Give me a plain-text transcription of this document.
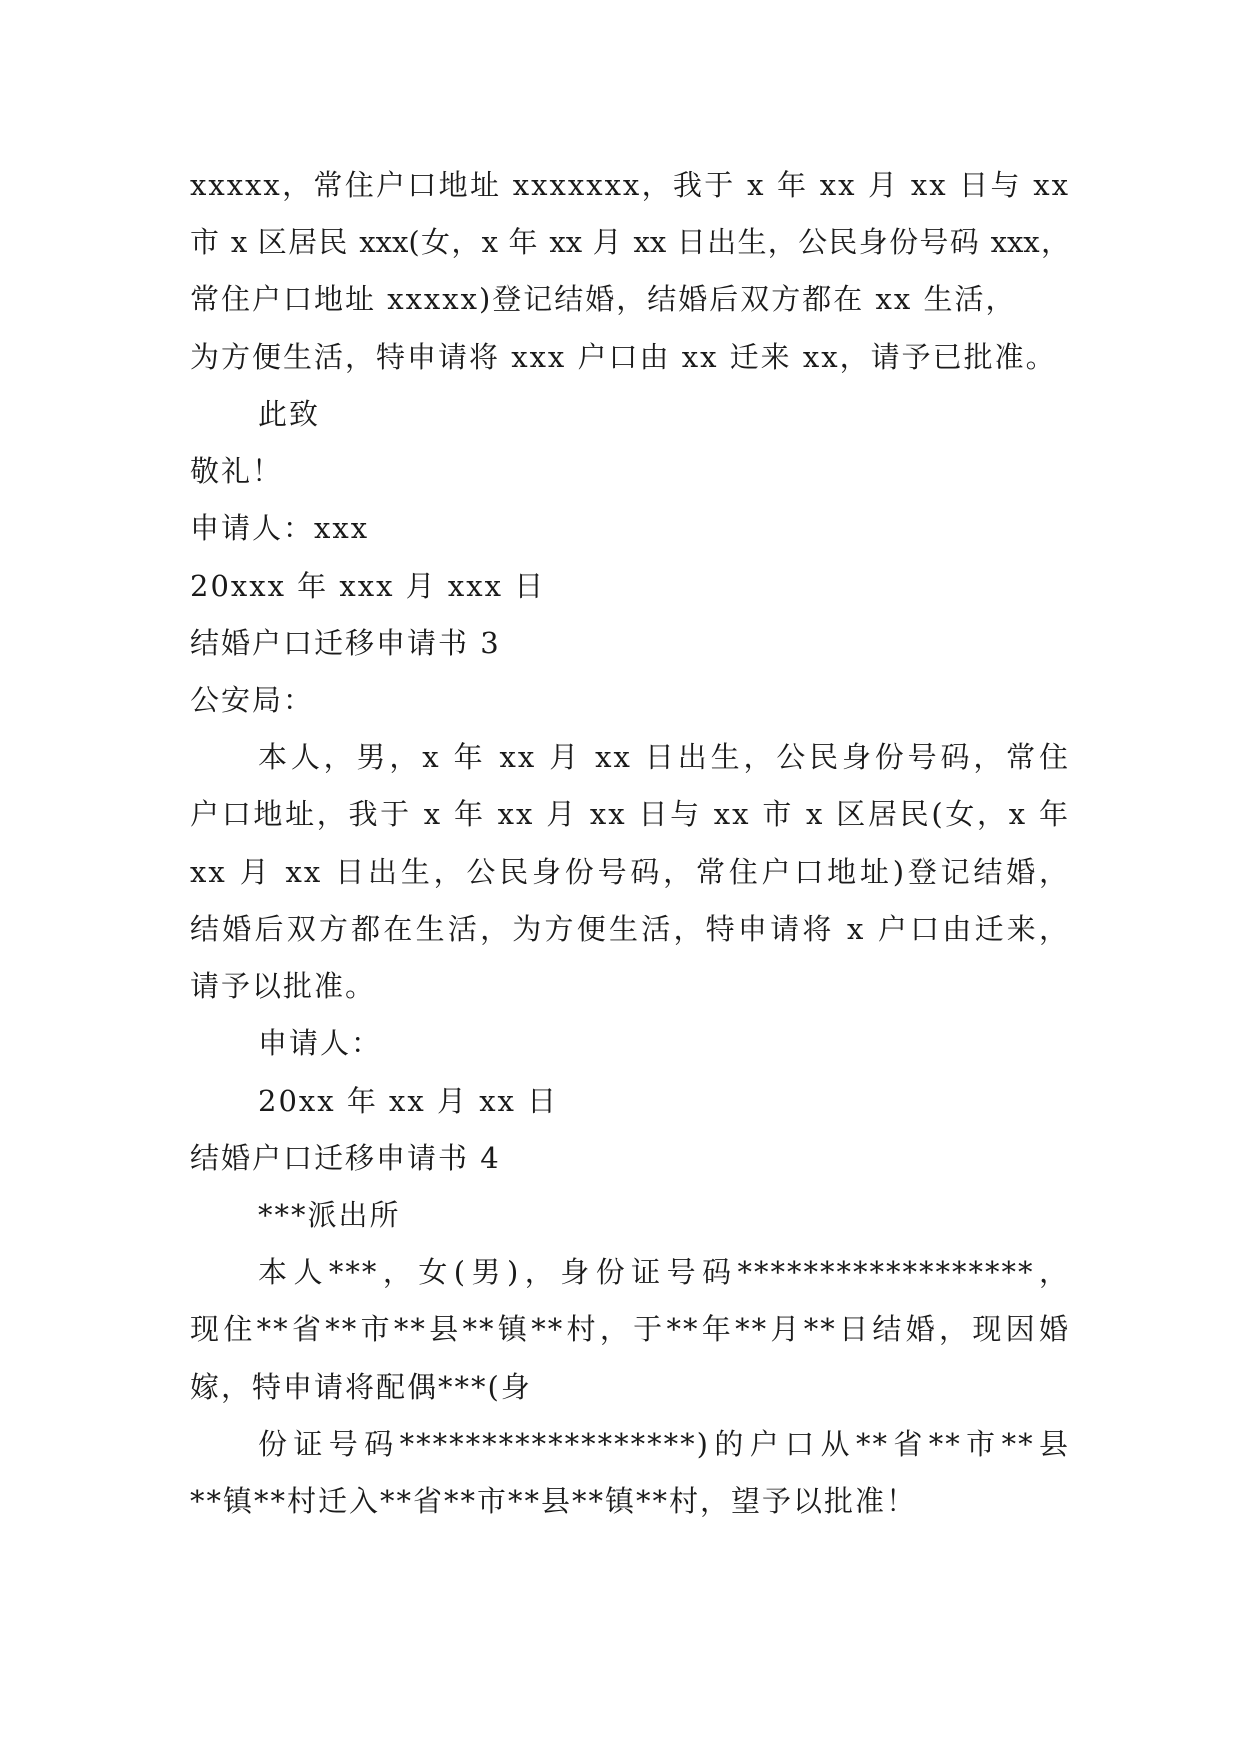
xxxxx，常住户口地址 xxxxxxx，我于 x 年 xx 月 xx 日与 xx
市 x 区居民 xxx(女，x 年 xx 月 xx 日出生，公民身份号码 xxx，
常住户口地址 xxxxx)登记结婚，结婚后双方都在 xx 生活，
为方便生活，特申请将 xxx 户口由 xx 迁来 xx，请予已批准。
此致
敬礼！
申请人：xxx
20xxx 年 xxx 月 xxx 日
结婚户口迁移申请书 3
公安局：
本人，男，x 年 xx 月 xx 日出生，公民身份号码，常住
户口地址，我于 x 年 xx 月 xx 日与 xx 市 x 区居民(女，x 年
xx 月 xx 日出生，公民身份号码，常住户口地址)登记结婚，
结婚后双方都在生活，为方便生活，特申请将 x 户口由迁来，
请予以批准。
申请人：
20xx 年 xx 月 xx 日
结婚户口迁移申请书 4
***派出所
本人***，女(男)，身份证号码******************，
现住**省**市**县**镇**村，于**年**月**日结婚，现因婚
嫁，特申请将配偶***(身
份证号码******************)的户口从**省**市**县
**镇**村迁入**省**市**县**镇**村，望予以批准！
